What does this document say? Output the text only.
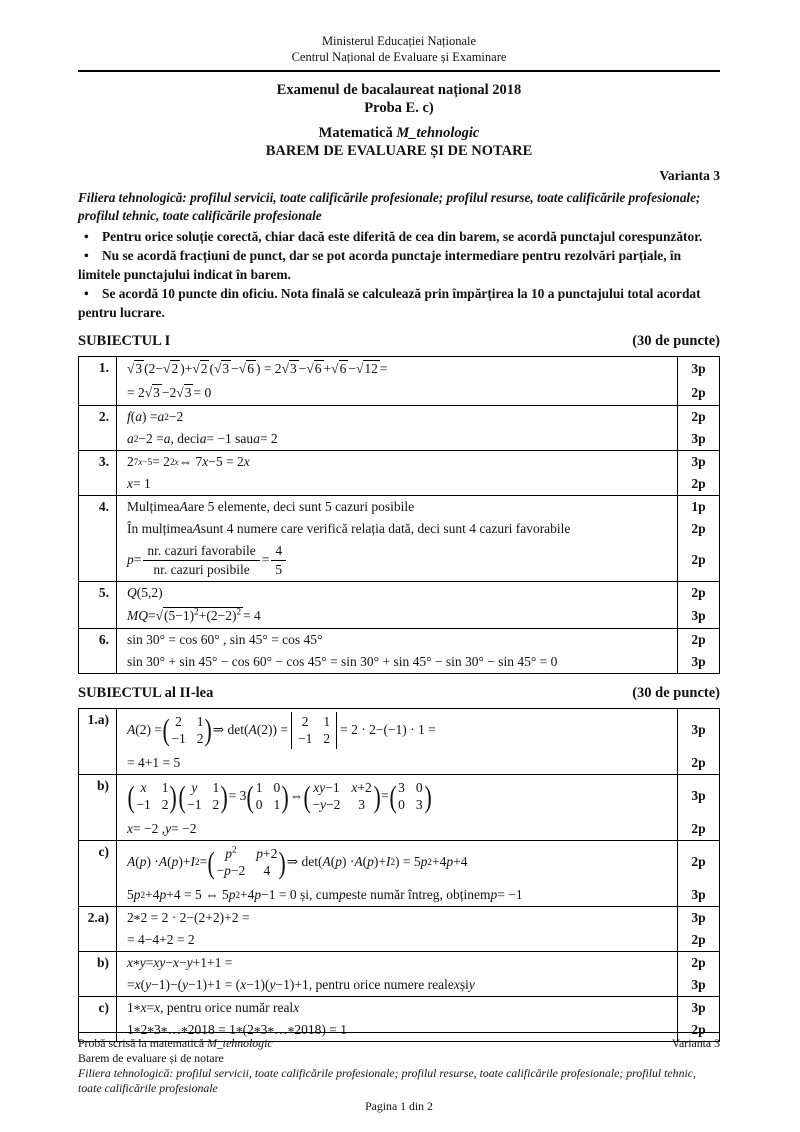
Ministerul Educației Naționale
Centrul Național de Evaluare și Examinare
Examenul de bacalaureat național 2018
Proba E. c)
Matematică M_tehnologic
BAREM DE EVALUARE ȘI DE NOTARE
Varianta 3
Filiera tehnologică: profilul servicii, toate calificările profesionale; profilul resurse, toate calificările profesionale; profilul tehnic, toate calificările profesionale
• Pentru orice soluție corectă, chiar dacă este diferită de cea din barem, se acordă punctajul corespunzător.
• Nu se acordă fracțiuni de punct, dar se pot acorda punctaje intermediare pentru rezolvări parțiale, în limitele punctajului indicat în barem.
• Se acordă 10 puncte din oficiu. Nota finală se calculează prin împărțirea la 10 a punctajului total acordat pentru lucrare.
SUBIECTUL I	(30 de puncte)
1.	√3 (2− √2 )+ √2 ( √3 − √6 ) = 2 √3 − √6 + √6 − √12 =	3p
= 2 √3 −2 √3 = 0	2p
2.	f ( a ) = a 2 −2	2p
a 2 −2 = a , deci a = −1 sau a = 2	3p
3.	2 7x−5 = 2 2x ⇔ 7 x −5 = 2 x	3p
x = 1	2p
4.	Mulțimea A are 5 elemente, deci sunt 5 cazuri posibile	1p
În mulțimea A sunt 4 numere care verifică relația dată, deci sunt 4 cazuri favorabile	2p
$p = \frac{\text{nr. cazuri favorabile}}{\text{nr. cazuri posibile}} = \frac{4}{5}$	2p
5.	Q (5,2)	2p
MQ = $√(5-1)^2+(2-2)^2 = 4$	3p
6.	sin 30° = cos 60° , sin 45° = cos 45°	2p
sin 30° + sin 45° − cos 60° − cos 45° = sin 30° + sin 45° − sin 30° − sin 45° = 0	3p
SUBIECTUL al II-lea	(30 de puncte)
1.a)
A (2) = ( 2 1
−1 2 ) ⇒ det( A (2)) =
2 1
−1 2
= 2 · 2−(−1) · 1 =	3p
= 4+1 = 5	2p
b) ( x	1
−1 2 ) ( y	1
−1 2 ) = 3 ( 1 0
0 1 ) ⇔ ( xy−1 x+2
−y−2	3 ) = ( 3 0
0 3 )	3p
x = −2 , y = −2	2p
c)
A ( p ) · A ( p )+ I 2 = ( $p^2$	p+2
−p−2	4 ) ⇒ det( A ( p ) · A ( p )+ I 2 ) = 5 p 2 +4 p +4	2p
5 p 2 +4 p +4 = 5 ⇔ 5 p 2 +4 p −1 = 0 și, cum p este număr întreg, obținem p = −1	3p
2.a)	2 * 2 = 2 · 2−(2+2)+2 =	3p
= 4−4+2 = 2	2p
b)	x * y = xy − x − y +1+1 =	2p
= x ( y −1)−( y −1)+1 = ( x −1)( y −1)+1, pentru orice numere reale x și y	3p
c)	1 * x = x , pentru orice număr real x	3p
1 * 2 * 3 * … * 2018 = 1 * (2 * 3 * … * 2018) = 1	2p
Probă scrisă la matematică M_tehnologic	Varianta 3
Barem de evaluare și de notare
Filiera tehnologică: profilul servicii, toate calificările profesionale; profilul resurse, toate calificările profesionale; profilul tehnic, toate calificările profesionale
Pagina 1 din 2
